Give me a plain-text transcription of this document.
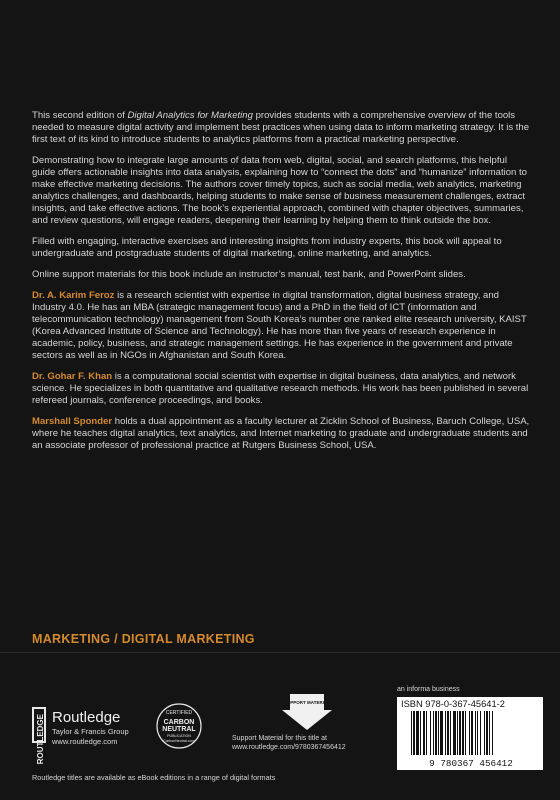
This second edition of Digital Analytics for Marketing provides students with a comprehensive overview of the tools needed to measure digital activity and implement best practices when using data to inform marketing strategy. It is the first text of its kind to introduce students to analytics platforms from a practical marketing perspective.

Demonstrating how to integrate large amounts of data from web, digital, social, and search platforms, this helpful guide offers actionable insights into data analysis, explaining how to “connect the dots” and “humanize” information to make effective marketing decisions. The authors cover timely topics, such as social media, web analytics, marketing analytics challenges, and dashboards, helping students to make sense of business measurement challenges, extract insights, and take effective actions. The book’s experiential approach, combined with chapter objectives, summaries, and review questions, will engage readers, deepening their learning by helping them to think outside the box.

Filled with engaging, interactive exercises and interesting insights from industry experts, this book will appeal to undergraduate and postgraduate students of digital marketing, online marketing, and analytics.

Online support materials for this book include an instructor’s manual, test bank, and PowerPoint slides.

Dr. A. Karim Feroz is a research scientist with expertise in digital transformation, digital business strategy, and Industry 4.0. He has an MBA (strategic management focus) and a PhD in the field of ICT (information and telecommunication technology) management from South Korea’s number one ranked elite research university, KAIST (Korea Advanced Institute of Science and Technology). He has more than five years of research experience in academic, policy, business, and strategic management settings. He has experience in the government and private sectors as well as in NGOs in Afghanistan and South Korea.

Dr. Gohar F. Khan is a computational social scientist with expertise in digital business, data analytics, and network science. He specializes in both quantitative and qualitative research methods. His work has been published in several refereed journals, conference proceedings, and books.

Marshall Sponder holds a dual appointment as a faculty lecturer at Zicklin School of Business, Baruch College, USA, where he teaches digital analytics, text analytics, and Internet marketing to graduate and undergraduate students and an associate professor of professional practice at Rutgers Business School, USA.

MARKETING / DIGITAL MARKETING
ROUTLEDGE Routledge
Taylor & Francis Group
www.routledge.com
CERTIFIED
CARBON
NEUTRAL
PUBLICATION
CarbonNeutral.com
SUPPORT MATERIAL
Support Material for this title at
www.routledge.com/9780367456412
an informa business
ISBN 978-0-367-45641-2
9 780367 456412
Routledge titles are available as eBook editions in a range of digital formats
